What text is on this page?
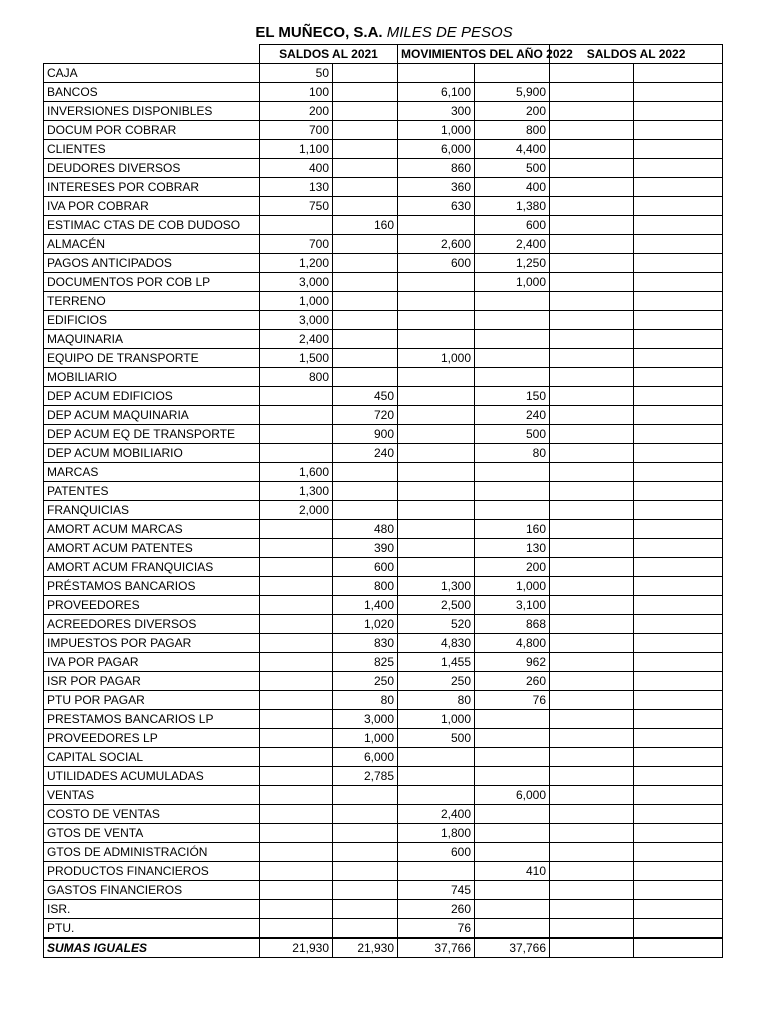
EL MUÑECO, S.A. MILES DE PESOS
	SALDOS AL 2021		MOVIMIENTOS DEL AÑO 2022		SALDOS AL 2022	

CAJA	50					
BANCOS	100		6,100	5,900		
INVERSIONES DISPONIBLES	200		300	200		
DOCUM POR COBRAR	700		1,000	800		
CLIENTES	1,100		6,000	4,400		
DEUDORES DIVERSOS	400		860	500		
INTERESES POR COBRAR	130		360	400		
IVA POR COBRAR	750		630	1,380		
ESTIMAC CTAS DE COB DUDOSO		160		600		
ALMACÉN	700		2,600	2,400		
PAGOS ANTICIPADOS	1,200		600	1,250		
DOCUMENTOS POR COB LP	3,000			1,000		
TERRENO	1,000					
EDIFICIOS	3,000					
MAQUINARIA	2,400					
EQUIPO DE TRANSPORTE	1,500		1,000			
MOBILIARIO	800					
DEP ACUM EDIFICIOS		450		150		
DEP ACUM MAQUINARIA		720		240		
DEP ACUM EQ DE TRANSPORTE		900		500		
DEP ACUM MOBILIARIO		240		80		
MARCAS	1,600					
PATENTES	1,300					
FRANQUICIAS	2,000					
AMORT ACUM MARCAS		480		160		
AMORT ACUM PATENTES		390		130		
AMORT ACUM FRANQUICIAS		600		200		
PRÉSTAMOS BANCARIOS		800	1,300	1,000		
PROVEEDORES		1,400	2,500	3,100		
ACREEDORES DIVERSOS		1,020	520	868		
IMPUESTOS POR PAGAR		830	4,830	4,800		
IVA POR PAGAR		825	1,455	962		
ISR POR PAGAR		250	250	260		
PTU POR PAGAR		80	80	76		
PRESTAMOS BANCARIOS LP		3,000	1,000			
PROVEEDORES LP		1,000	500			
CAPITAL SOCIAL		6,000				
UTILIDADES ACUMULADAS		2,785				
VENTAS				6,000		
COSTO DE VENTAS			2,400			
GTOS DE VENTA			1,800			
GTOS DE ADMINISTRACIÓN			600			
PRODUCTOS FINANCIEROS				410		
GASTOS FINANCIEROS			745			
ISR.			260			
PTU.			76			
SUMAS IGUALES	21,930	21,930	37,766	37,766		
